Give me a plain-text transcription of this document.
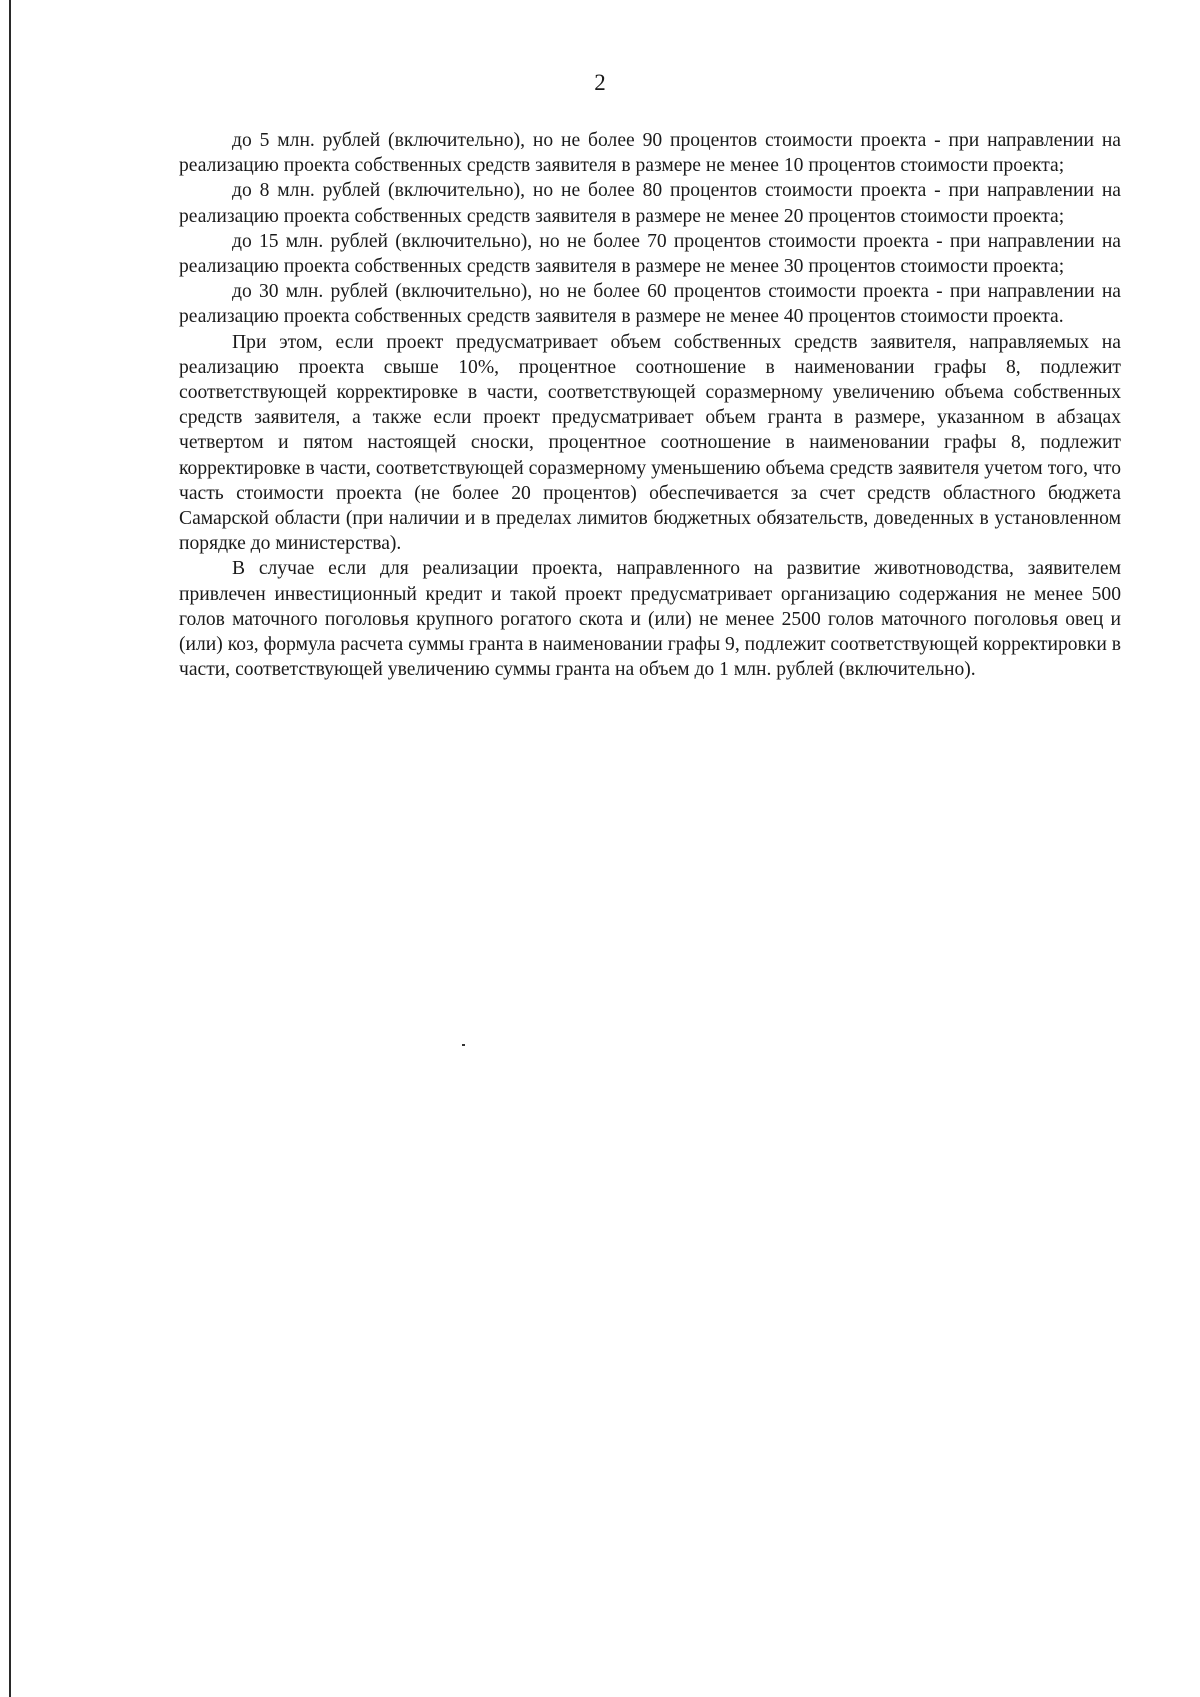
2

до 5 млн. рублей (включительно), но не более 90 процентов стоимости проекта - при направлении на реализацию проекта собственных средств заявителя в размере не менее 10 процентов стоимости проекта;

до 8 млн. рублей (включительно), но не более 80 процентов стоимости проекта - при направлении на реализацию проекта собственных средств заявителя в размере не менее 20 процентов стоимости проекта;

до 15 млн. рублей (включительно), но не более 70 процентов стоимости проекта - при направлении на реализацию проекта собственных средств заявителя в размере не менее 30 процентов стоимости проекта;

до 30 млн. рублей (включительно), но не более 60 процентов стоимости проекта - при направлении на реализацию проекта собственных средств заявителя в размере не менее 40 процентов стоимости проекта.

При этом, если проект предусматривает объем собственных средств заявителя, направляемых на реализацию проекта свыше 10%, процентное соотношение в наименовании графы 8, подлежит соответствующей корректировке в части, соответствующей соразмерному увеличению объема собственных средств заявителя, а также если проект предусматривает объем гранта в размере, указанном в абзацах четвертом и пятом настоящей сноски, процентное соотношение в наименовании графы 8, подлежит корректировке в части, соответствующей соразмерному уменьшению объема средств заявителя учетом того, что часть стоимости проекта (не более 20 процентов) обеспечивается за счет средств областного бюджета Самарской области (при наличии и в пределах лимитов бюджетных обязательств, доведенных в установленном порядке до министерства).

В случае если для реализации проекта, направленного на развитие животноводства, заявителем привлечен инвестиционный кредит и такой проект предусматривает организацию содержания не менее 500 голов маточного поголовья крупного рогатого скота и (или) не менее 2500 голов маточного поголовья овец и (или) коз, формула расчета суммы гранта в наименовании графы 9, подлежит соответствующей корректировки в части, соответствующей увеличению суммы гранта на объем до 1 млн. рублей (включительно).
